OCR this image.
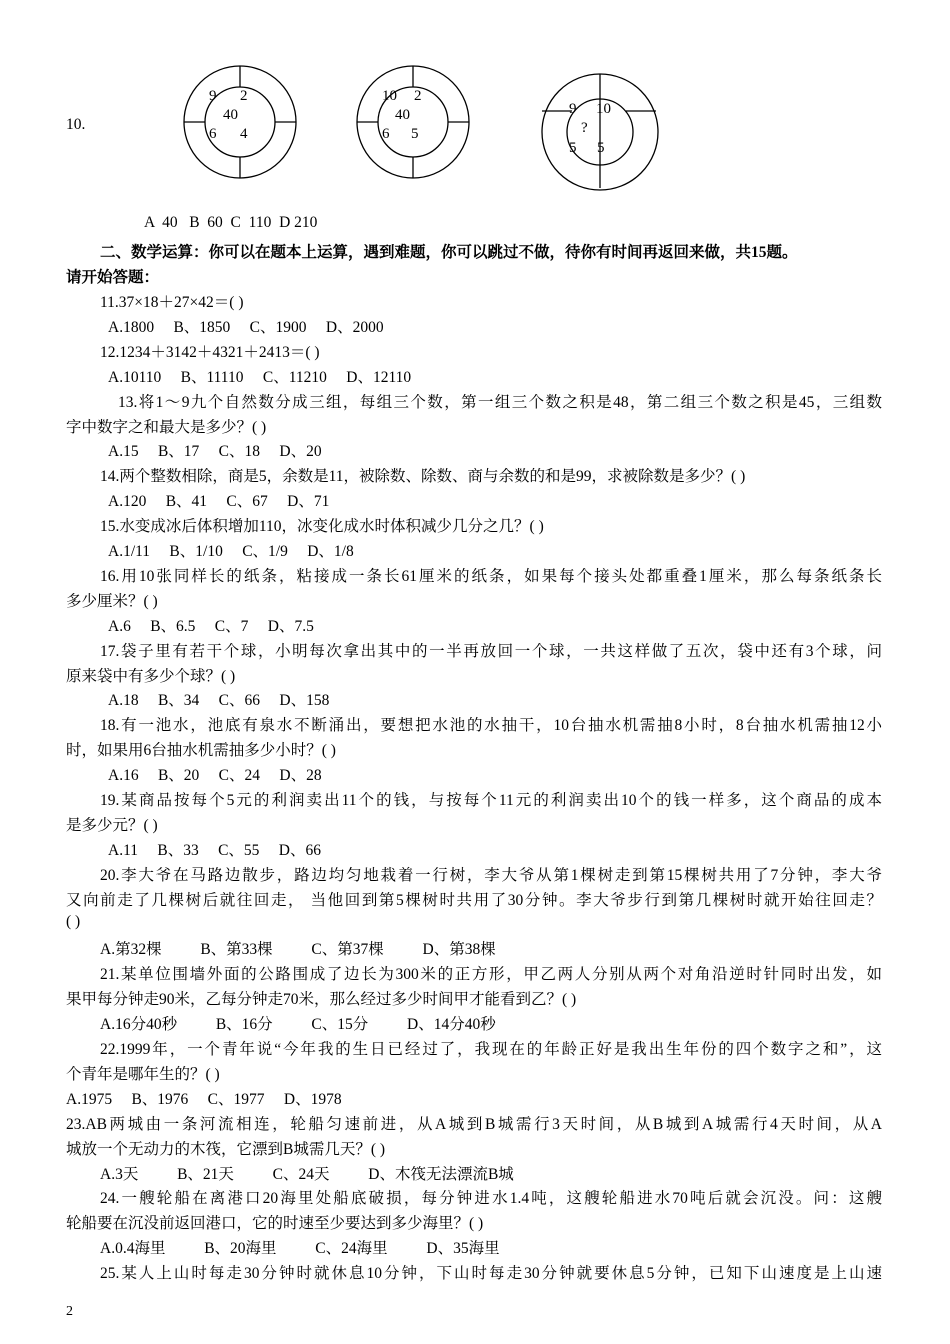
10.
9 2
40
6 4
10 2
40
6 5
9 10
?
5 5
A  40   B  60  C  110  D 210
二、数学运算：你可以在题本上运算，遇到难题，你可以跳过不做，待你有时间再返回来做，共15题。
请开始答题：
11.37×18＋27×42＝( )
A.1800     B、1850     C、1900     D、2000
12.1234＋3142＋4321＋2413＝( )
A.10110     B、11110     C、11210     D、12110
13.将1～9九个自然数分成三组，每组三个数，第一组三个数之积是48，第二组三个数之积是45，三组数
字中数字之和最大是多少？( )
A.15     B、17     C、18     D、20
14.两个整数相除，商是5，余数是11，被除数、除数、商与余数的和是99，求被除数是多少？( )
A.120     B、41     C、67     D、71
15.水变成冰后体积增加110，冰变化成水时体积减少几分之几？( )
A.1/11     B、1/10     C、1/9     D、1/8
16.用10张同样长的纸条，粘接成一条长61厘米的纸条，如果每个接头处都重叠1厘米，那么每条纸条长
多少厘米？( )
A.6     B、6.5     C、7     D、7.5
17.袋子里有若干个球，小明每次拿出其中的一半再放回一个球，一共这样做了五次，袋中还有3个球，问
原来袋中有多少个球？( )
A.18     B、34     C、66     D、158
18.有一池水，池底有泉水不断涌出，要想把水池的水抽干，10台抽水机需抽8小时，8台抽水机需抽12小
时，如果用6台抽水机需抽多少小时？( )
A.16     B、20     C、24     D、28
19.某商品按每个5元的利润卖出11个的钱，与按每个11元的利润卖出10个的钱一样多，这个商品的成本
是多少元？( )
A.11     B、33     C、55     D、66
20.李大爷在马路边散步，路边均匀地栽着一行树，李大爷从第1棵树走到第15棵树共用了7分钟，李大爷
又向前走了几棵树后就往回走， 当他回到第5棵树时共用了30分钟。李大爷步行到第几棵树时就开始往回走？
( )
A.第32棵          B、第33棵          C、第37棵          D、第38棵
21.某单位围墙外面的公路围成了边长为300米的正方形，甲乙两人分别从两个对角沿逆时针同时出发，如
果甲每分钟走90米，乙每分钟走70米，那么经过多少时间甲才能看到乙？( )
A.16分40秒          B、16分          C、15分          D、14分40秒
22.1999年，一个青年说“今年我的生日已经过了，我现在的年龄正好是我出生年份的四个数字之和”，这
个青年是哪年生的？( )
A.1975     B、1976     C、1977     D、1978
23.AB两城由一条河流相连，轮船匀速前进，从A城到B城需行3天时间，从B城到A城需行4天时间，从A
城放一个无动力的木筏，它漂到B城需几天？( )
A.3天          B、21天          C、24天          D、木筏无法漂流B城
24.一艘轮船在离港口20海里处船底破损，每分钟进水1.4吨，这艘轮船进水70吨后就会沉没。问：这艘
轮船要在沉没前返回港口，它的时速至少要达到多少海里？( )
A.0.4海里          B、20海里          C、24海里          D、35海里
25.某人上山时每走30分钟时就休息10分钟，下山时每走30分钟就要休息5分钟，已知下山速度是上山速
2
